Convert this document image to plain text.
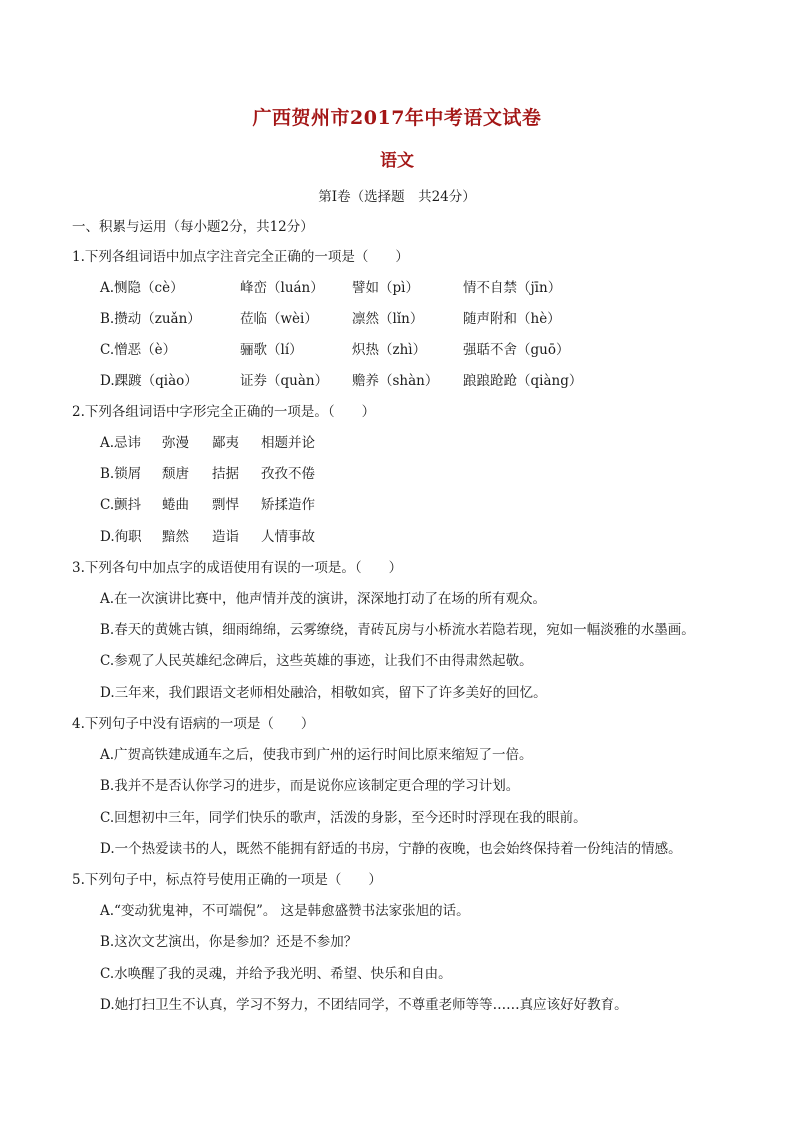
广西贺州市2017年中考语文试卷
语文
第Ⅰ卷（选择题　共24分）
一、积累与运用（每小题2分，共12分）
1.下列各组词语中加点字注音完全正确的一项是（　　）
A.恻隐（cè）	峰峦（luán） 譬如（pì）	情不自禁（jīn）
B.攒动（zuǎn）	莅临（wèi）	凛然（lǐn）	随声附和（hè）
C.憎恶（è）	骊歌（lí）	炽热（zhì）	强聒不舍（guō）
D.踝踱（qiào）	证券（quàn） 赡养（shàn） 踉踉跄跄（qiàng）
2.下列各组词语中字形完全正确的一项是。（　　）
A.忌讳 弥漫 鄙夷 相题并论
B.锁屑 颓唐 拮据 孜孜不倦
C.颤抖 蜷曲 剽悍 矫揉造作
D.徇职 黯然 造诣 人情事故
3.下列各句中加点字的成语使用有误的一项是。（　　）
A.在一次演讲比赛中，他声情并茂的演讲，深深地打动了在场的所有观众。
B.春天的黄姚古镇，细雨绵绵，云雾缭绕，青砖瓦房与小桥流水若隐若现，宛如一幅淡雅的水墨画。
C.参观了人民英雄纪念碑后，这些英雄的事迹，让我们不由得肃然起敬。
D.三年来，我们跟语文老师相处融洽，相敬如宾，留下了许多美好的回忆。
4.下列句子中没有语病的一项是（　　）
A.广贺高铁建成通车之后，使我市到广州的运行时间比原来缩短了一倍。
B.我并不是否认你学习的进步，而是说你应该制定更合理的学习计划。
C.回想初中三年，同学们快乐的歌声，活泼的身影，至今还时时浮现在我的眼前。
D.一个热爱读书的人，既然不能拥有舒适的书房，宁静的夜晚，也会始终保持着一份纯洁的情感。
5.下列句子中，标点符号使用正确的一项是（　　）
A.“变动犹鬼神，不可端倪”。 这是韩愈盛赞书法家张旭的话。
B.这次文艺演出，你是参加？还是不参加？
C.水唤醒了我的灵魂，并给予我光明、希望、快乐和自由。
D.她打扫卫生不认真，学习不努力，不团结同学，不尊重老师等等……真应该好好教育。
